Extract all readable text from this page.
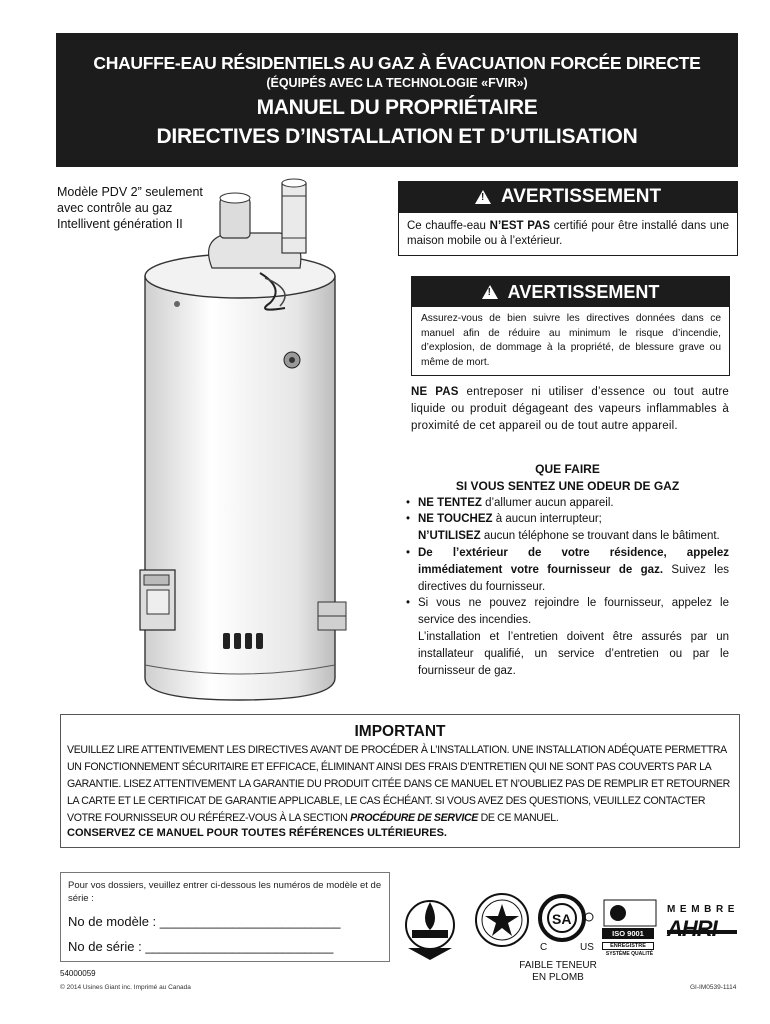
CHAUFFE-EAU RÉSIDENTIELS AU GAZ À ÉVACUATION FORCÉE DIRECTE
(ÉQUIPÉS AVEC LA TECHNOLOGIE «FVIR»)
MANUEL DU PROPRIÉTAIRE
DIRECTIVES D’INSTALLATION ET D’UTILISATION
Modèle PDV 2” seulement
avec contrôle au gaz
Intellivent génération II
!
AVERTISSEMENT
Ce chauffe-eau N’EST PAS certifié pour être installé dans une maison mobile ou à l’extérieur.
!
AVERTISSEMENT
Assurez-vous de bien suivre les directives données dans ce manuel afin de réduire au minimum le risque d’incendie, d’explosion, de dommage à la propriété, de blessure grave ou même de mort.
NE PAS entreposer ni utiliser d’essence ou tout autre liquide ou produit dégageant des vapeurs inflammables à proximité de cet appareil ou de tout autre appareil.
QUE FAIRE
SI VOUS SENTEZ UNE ODEUR DE GAZ
• NE TENTEZ d’allumer aucun appareil.
• NE TOUCHEZ à aucun interrupteur;
N’UTILISEZ aucun téléphone se trouvant dans le bâtiment.
• De l’extérieur de votre résidence, appelez immédiatement votre fournisseur de gaz. Suivez les directives du fournisseur.
• Si vous ne pouvez rejoindre le fournisseur, appelez le service des incendies.
L’installation et l’entretien doivent être assurés par un installateur qualifié, un service d’entretien ou par le fournisseur de gaz.
IMPORTANT
VEUILLEZ LIRE ATTENTIVEMENT LES DIRECTIVES AVANT DE PROCÉDER À L’INSTALLATION. UNE INSTALLATION ADÉQUATE PERMETTRA UN FONCTIONNEMENT SÉCURITAIRE ET EFFICACE, ÉLIMINANT AINSI DES FRAIS D’ENTRETIEN QUI NE SONT PAS COUVERTS PAR LA GARANTIE. LISEZ ATTENTIVEMENT LA GARANTIE DU PRODUIT CITÉE DANS CE MANUEL ET N’OUBLIEZ PAS DE REMPLIR ET RETOURNER LA CARTE ET LE CERTIFICAT DE GARANTIE APPLICABLE, LE CAS ÉCHÉANT. SI VOUS AVEZ DES QUESTIONS, VEUILLEZ CONTACTER VOTRE FOURNISSEUR OU RÉFÉREZ-VOUS À LA SECTION PROCÉDURE DE SERVICE DE CE MANUEL.
CONSERVEZ CE MANUEL POUR TOUTES RÉFÉRENCES ULTÉRIEURES.
Pour vos dossiers, veuillez entrer ci-dessous les numéros de modèle et de série :
No de modèle : _________________________
No de série : __________________________
54000059
© 2014 Usines Giant inc. Imprimé au Canada	GI-IM0539-1114
SA
C	US
FAIBLE TENEUR
EN PLOMB
ISO 9001
ENREGISTRÉ
SYSTÈME QUALITÉ
MEMBRE
AHRI
